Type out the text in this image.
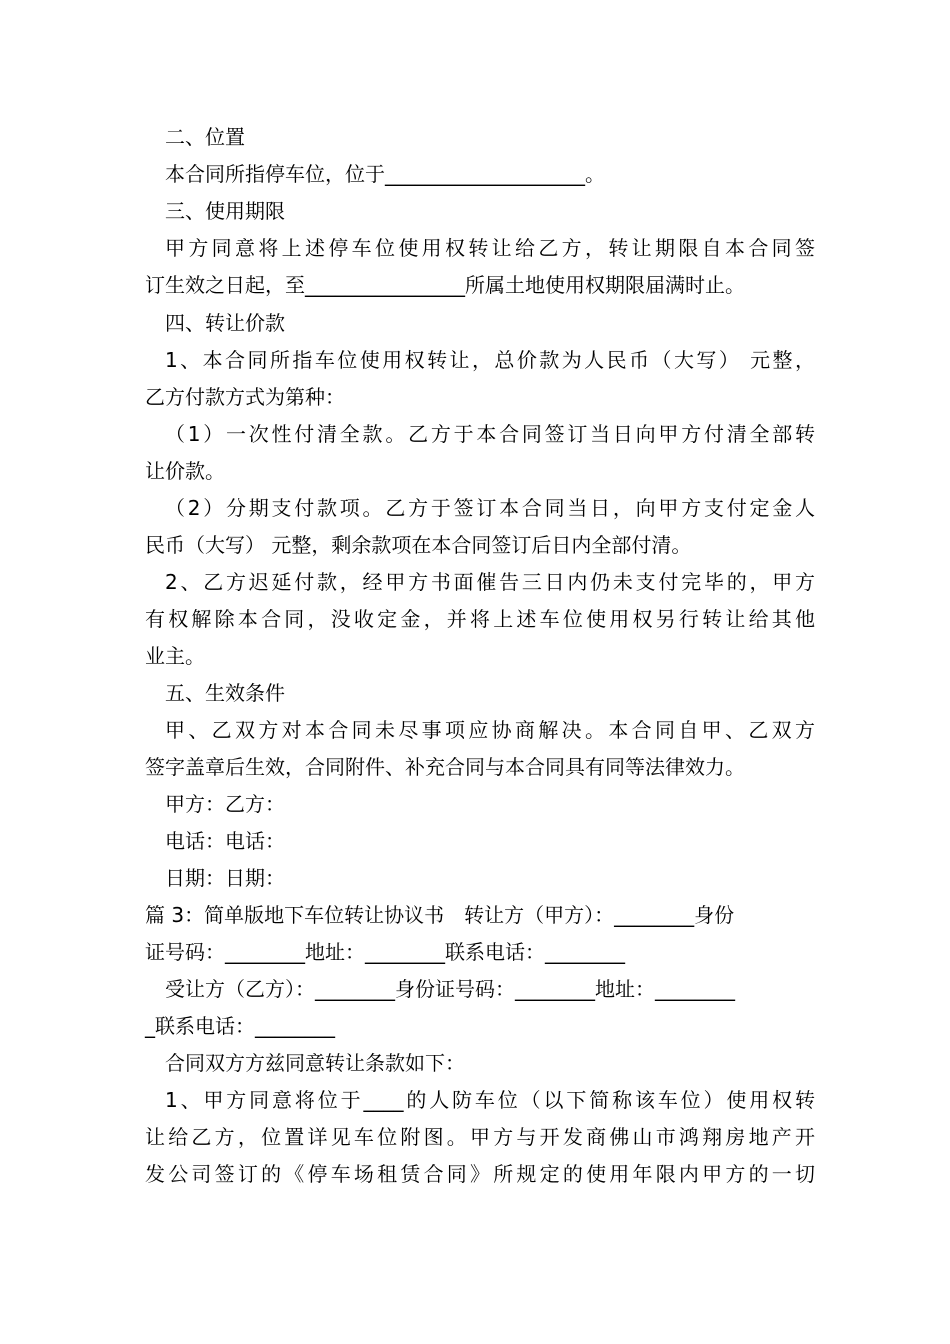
二、位置
本合同所指停车位，位于____________________。
三、使用期限
甲方同意将上述停车位使用权转让给乙方，转让期限自本合同签
订生效之日起，至________________所属土地使用权期限届满时止。
四、转让价款
1、本合同所指车位使用权转让，总价款为人民币（大写） 元整，
乙方付款方式为第种：
（1）一次性付清全款。乙方于本合同签订当日向甲方付清全部转
让价款。
（2）分期支付款项。乙方于签订本合同当日，向甲方支付定金人
民币（大写） 元整，剩余款项在本合同签订后日内全部付清。
2、乙方迟延付款，经甲方书面催告三日内仍未支付完毕的，甲方
有权解除本合同，没收定金，并将上述车位使用权另行转让给其他
业主。
五、生效条件
甲、乙双方对本合同未尽事项应协商解决。本合同自甲、乙双方
签字盖章后生效，合同附件、补充合同与本合同具有同等法律效力。
甲方：乙方：
电话：电话：
日期：日期：
篇 3：简单版地下车位转让协议书　转让方（甲方）：________身份
证号码：________地址：________联系电话：________
受让方（乙方）：________身份证号码：________地址：________
_联系电话：________
合同双方方兹同意转让条款如下：
1、甲方同意将位于____的人防车位（以下简称该车位）使用权转
让给乙方，位置详见车位附图。甲方与开发商佛山市鸿翔房地产开
发公司签订的《停车场租赁合同》所规定的使用年限内甲方的一切
